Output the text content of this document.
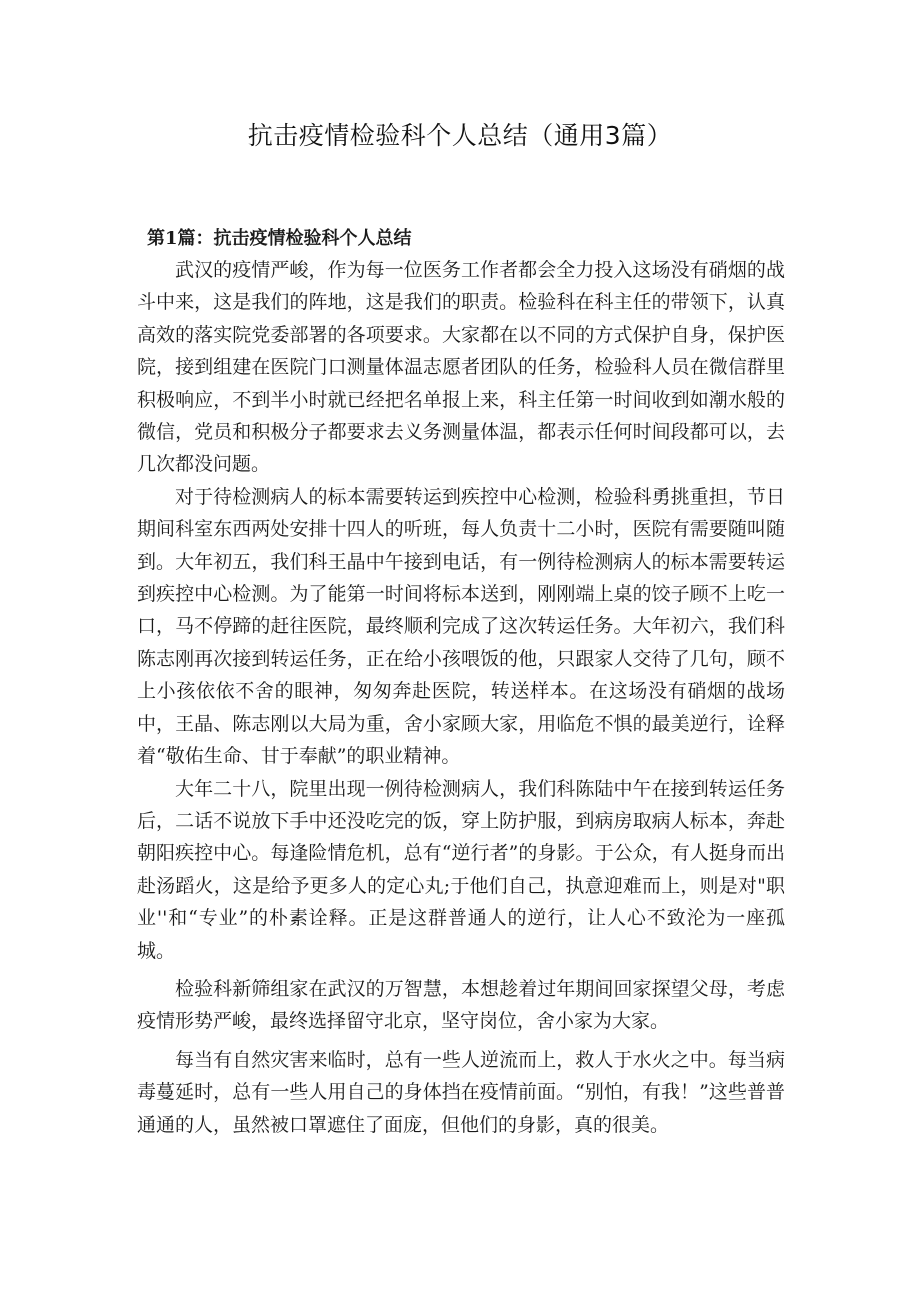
抗击疫情检验科个人总结（通用3篇）
第1篇：抗击疫情检验科个人总结

武汉的疫情严峻，作为每一位医务工作者都会全力投入这场没有硝烟的战斗中来，这是我们的阵地，这是我们的职责。检验科在科主任的带领下，认真高效的落实院党委部署的各项要求。大家都在以不同的方式保护自身，保护医院，接到组建在医院门口测量体温志愿者团队的任务，检验科人员在微信群里积极响应，不到半小时就已经把名单报上来，科主任第一时间收到如潮水般的微信，党员和积极分子都要求去义务测量体温，都表示任何时间段都可以，去几次都没问题。

对于待检测病人的标本需要转运到疾控中心检测，检验科勇挑重担，节日期间科室东西两处安排十四人的听班，每人负责十二小时，医院有需要随叫随到。大年初五，我们科王晶中午接到电话，有一例待检测病人的标本需要转运到疾控中心检测。为了能第一时间将标本送到，刚刚端上桌的饺子顾不上吃一口，马不停蹄的赶往医院，最终顺利完成了这次转运任务。大年初六，我们科陈志刚再次接到转运任务，正在给小孩喂饭的他，只跟家人交待了几句，顾不上小孩依依不舍的眼神，匆匆奔赴医院，转送样本。在这场没有硝烟的战场中，王晶、陈志刚以大局为重，舍小家顾大家，用临危不惧的最美逆行，诠释着“敬佑生命、甘于奉献”的职业精神。

大年二十八，院里出现一例待检测病人，我们科陈陆中午在接到转运任务后，二话不说放下手中还没吃完的饭，穿上防护服，到病房取病人标本，奔赴朝阳疾控中心。每逢险情危机，总有“逆行者”的身影。于公众，有人挺身而出赴汤蹈火，这是给予更多人的定心丸;于他们自己，执意迎难而上，则是对"职业''和“专业”的朴素诠释。正是这群普通人的逆行，让人心不致沦为一座孤城。

检验科新筛组家在武汉的万智慧，本想趁着过年期间回家探望父母，考虑疫情形势严峻，最终选择留守北京，坚守岗位，舍小家为大家。

每当有自然灾害来临时，总有一些人逆流而上，救人于水火之中。每当病毒蔓延时，总有一些人用自己的身体挡在疫情前面。“别怕，有我！”这些普普通通的人，虽然被口罩遮住了面庞，但他们的身影，真的很美。
